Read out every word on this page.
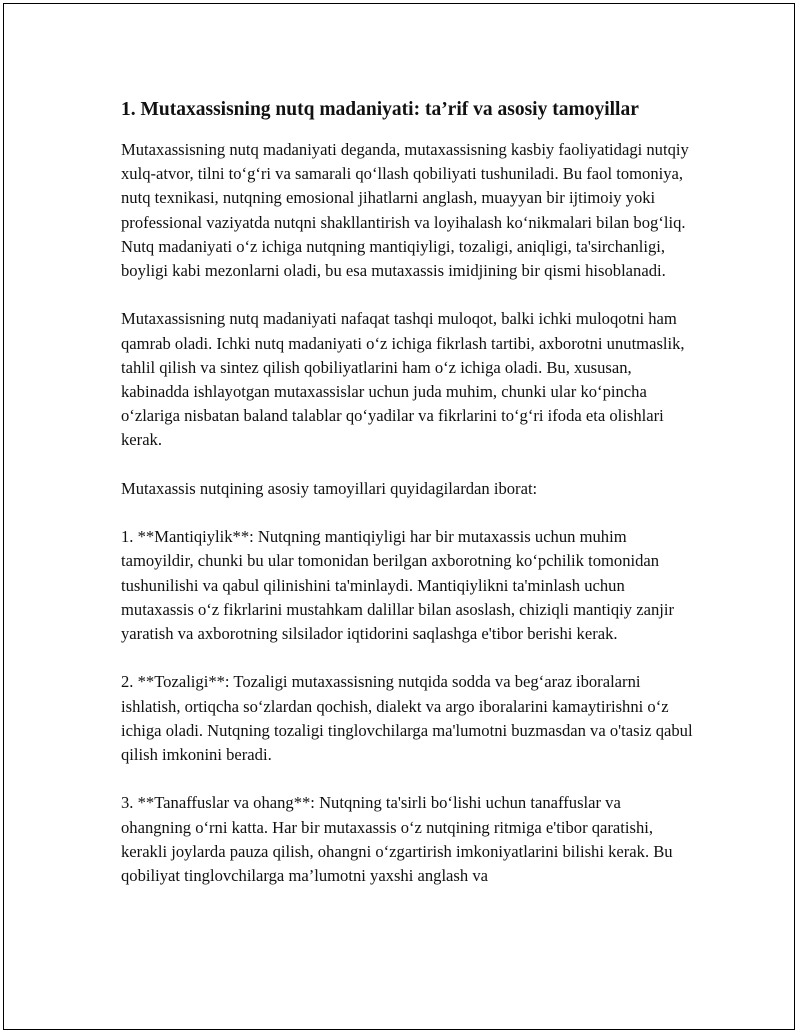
1. Mutaxassisning nutq madaniyati: ta’rif va asosiy tamoyillar

Mutaxassisning nutq madaniyati deganda, mutaxassisning kasbiy faoliyatidagi nutqiy xulq-atvor, tilni to‘g‘ri va samarali qo‘llash qobiliyati tushuniladi. Bu faol tomoniya, nutq texnikasi, nutqning emosional jihatlarni anglash, muayyan bir ijtimoiy yoki professional vaziyatda nutqni shakllantirish va loyihalash ko‘nikmalari bilan bog‘liq. Nutq madaniyati o‘z ichiga nutqning mantiqiyligi, tozaligi, aniqligi, ta'sirchanligi, boyligi kabi mezonlarni oladi, bu esa mutaxassis imidjining bir qismi hisoblanadi.

Mutaxassisning nutq madaniyati nafaqat tashqi muloqot, balki ichki muloqotni ham qamrab oladi. Ichki nutq madaniyati o‘z ichiga fikrlash tartibi, axborotni unutmaslik, tahlil qilish va sintez qilish qobiliyatlarini ham o‘z ichiga oladi. Bu, xususan, kabinadda ishlayotgan mutaxassislar uchun juda muhim, chunki ular ko‘pincha o‘zlariga nisbatan baland talablar qo‘yadilar va fikrlarini to‘g‘ri ifoda eta olishlari kerak.

Mutaxassis nutqining asosiy tamoyillari quyidagilardan iborat:

1. **Mantiqiylik**: Nutqning mantiqiyligi har bir mutaxassis uchun muhim tamoyildir, chunki bu ular tomonidan berilgan axborotning ko‘pchilik tomonidan tushunilishi va qabul qilinishini ta'minlaydi. Mantiqiylikni ta'minlash uchun mutaxassis o‘z fikrlarini mustahkam dalillar bilan asoslash, chiziqli mantiqiy zanjir yaratish va axborotning silsilador iqtidorini saqlashga e'tibor berishi kerak.

2. **Tozaligi**: Tozaligi mutaxassisning nutqida sodda va beg‘araz iboralarni ishlatish, ortiqcha so‘zlardan qochish, dialekt va argo iboralarini kamaytirishni o‘z ichiga oladi. Nutqning tozaligi tinglovchilarga ma'lumotni buzmasdan va o'tasiz qabul qilish imkonini beradi.

3. **Tanaffuslar va ohang**: Nutqning ta'sirli bo‘lishi uchun tanaffuslar va ohangning o‘rni katta. Har bir mutaxassis o‘z nutqining ritmiga e'tibor qaratishi, kerakli joylarda pauza qilish, ohangni o‘zgartirish imkoniyatlarini bilishi kerak. Bu qobiliyat tinglovchilarga ma’lumotni yaxshi anglash va
